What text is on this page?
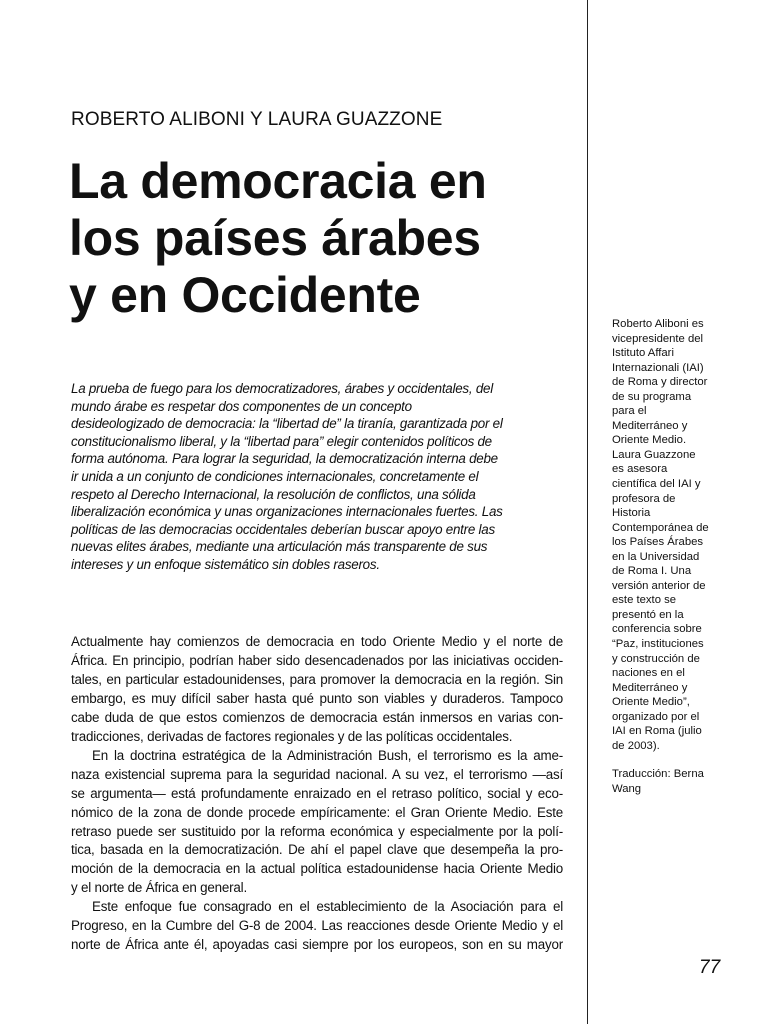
ROBERTO ALIBONI Y LAURA GUAZZONE
La democracia en
los países árabes
y en Occidente
La prueba de fuego para los democratizadores, árabes y occidentales, del
mundo árabe es respetar dos componentes de un concepto
desideologizado de democracia: la “libertad de” la tiranía, garantizada por el
constitucionalismo liberal, y la “libertad para” elegir contenidos políticos de
forma autónoma. Para lograr la seguridad, la democratización interna debe
ir unida a un conjunto de condiciones internacionales, concretamente el
respeto al Derecho Internacional, la resolución de conflictos, una sólida
liberalización económica y unas organizaciones internacionales fuertes. Las
políticas de las democracias occidentales deberían buscar apoyo entre las
nuevas elites árabes, mediante una articulación más transparente de sus
intereses y un enfoque sistemático sin dobles raseros.
Actualmente hay comienzos de democracia en todo Oriente Medio y el norte de
África. En principio, podrían haber sido desencadenados por las iniciativas occiden-
tales, en particular estadounidenses, para promover la democracia en la región. Sin
embargo, es muy difícil saber hasta qué punto son viables y duraderos. Tampoco
cabe duda de que estos comienzos de democracia están inmersos en varias con-
tradicciones, derivadas de factores regionales y de las políticas occidentales.
En la doctrina estratégica de la Administración Bush, el terrorismo es la ame-
naza existencial suprema para la seguridad nacional. A su vez, el terrorismo —así
se argumenta— está profundamente enraizado en el retraso político, social y eco-
nómico de la zona de donde procede empíricamente: el Gran Oriente Medio. Este
retraso puede ser sustituido por la reforma económica y especialmente por la polí-
tica, basada en la democratización. De ahí el papel clave que desempeña la pro-
moción de la democracia en la actual política estadounidense hacia Oriente Medio
y el norte de África en general.
Este enfoque fue consagrado en el establecimiento de la Asociación para el
Progreso, en la Cumbre del G-8 de 2004. Las reacciones desde Oriente Medio y el
norte de África ante él, apoyadas casi siempre por los europeos, son en su mayor
Roberto Aliboni es
vicepresidente del
Istituto Affari
Internazionali (IAI)
de Roma y director
de su programa
para el
Mediterráneo y
Oriente Medio.
Laura Guazzone
es asesora
científica del IAI y
profesora de
Historia
Contemporánea de
los Países Árabes
en la Universidad
de Roma I. Una
versión anterior de
este texto se
presentó en la
conferencia sobre
“Paz, instituciones
y construcción de
naciones en el
Mediterráneo y
Oriente Medio”,
organizado por el
IAI en Roma (julio
de 2003).
Traducción: Berna
Wang
77
